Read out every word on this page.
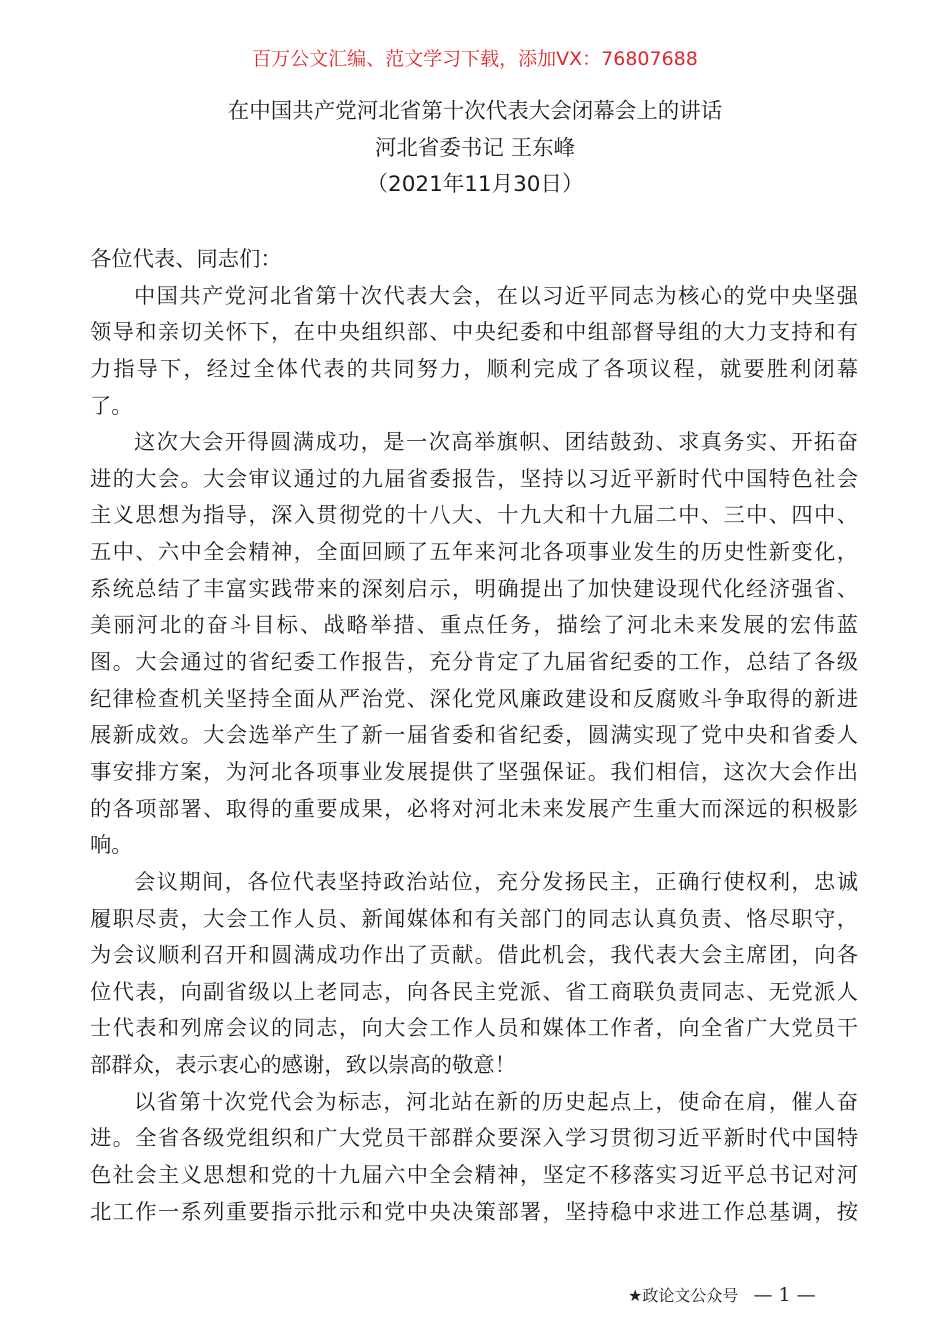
百万公文汇编、范文学习下载，添加VX：76807688
在中国共产党河北省第十次代表大会闭幕会上的讲话
河北省委书记 王东峰
（2021年11月30日）
各位代表、同志们：
中国共产党河北省第十次代表大会，在以习近平同志为核心的党中央坚强
领导和亲切关怀下，在中央组织部、中央纪委和中组部督导组的大力支持和有
力指导下，经过全体代表的共同努力，顺利完成了各项议程，就要胜利闭幕
了。
这次大会开得圆满成功，是一次高举旗帜、团结鼓劲、求真务实、开拓奋
进的大会。大会审议通过的九届省委报告，坚持以习近平新时代中国特色社会
主义思想为指导，深入贯彻党的十八大、十九大和十九届二中、三中、四中、
五中、六中全会精神，全面回顾了五年来河北各项事业发生的历史性新变化，
系统总结了丰富实践带来的深刻启示，明确提出了加快建设现代化经济强省、
美丽河北的奋斗目标、战略举措、重点任务，描绘了河北未来发展的宏伟蓝
图。大会通过的省纪委工作报告，充分肯定了九届省纪委的工作，总结了各级
纪律检查机关坚持全面从严治党、深化党风廉政建设和反腐败斗争取得的新进
展新成效。大会选举产生了新一届省委和省纪委，圆满实现了党中央和省委人
事安排方案，为河北各项事业发展提供了坚强保证。我们相信，这次大会作出
的各项部署、取得的重要成果，必将对河北未来发展产生重大而深远的积极影
响。
会议期间，各位代表坚持政治站位，充分发扬民主，正确行使权利，忠诚
履职尽责，大会工作人员、新闻媒体和有关部门的同志认真负责、恪尽职守，
为会议顺利召开和圆满成功作出了贡献。借此机会，我代表大会主席团，向各
位代表，向副省级以上老同志，向各民主党派、省工商联负责同志、无党派人
士代表和列席会议的同志，向大会工作人员和媒体工作者，向全省广大党员干
部群众，表示衷心的感谢，致以崇高的敬意！
以省第十次党代会为标志，河北站在新的历史起点上，使命在肩，催人奋
进。全省各级党组织和广大党员干部群众要深入学习贯彻习近平新时代中国特
色社会主义思想和党的十九届六中全会精神，坚定不移落实习近平总书记对河
北工作一系列重要指示批示和党中央决策部署，坚持稳中求进工作总基调，按
★政论文公众号 — 1 —
